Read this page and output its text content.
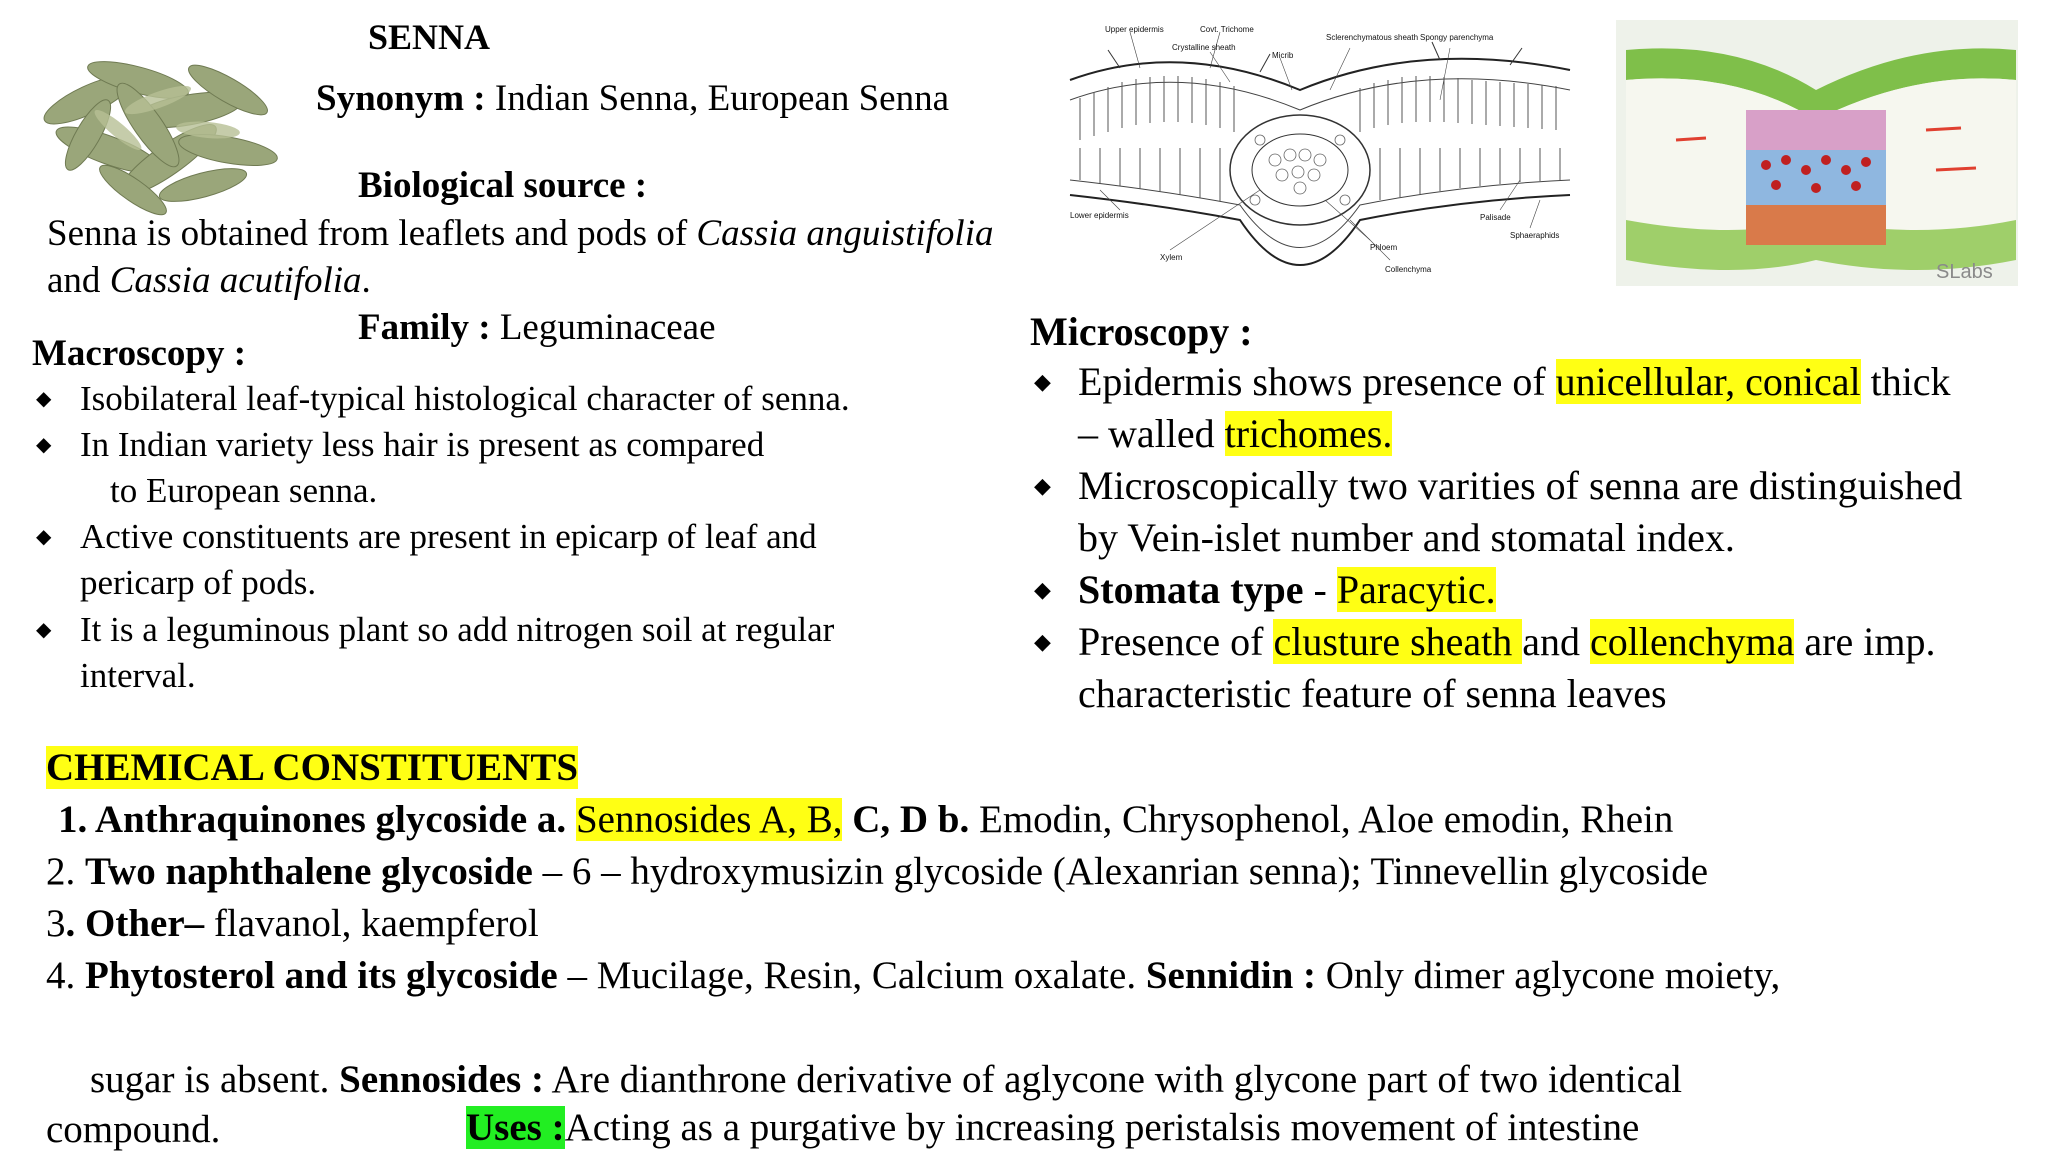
SENNA
Synonym : Indian Senna, European Senna
Biological source :
Senna is obtained from leaflets and pods of Cassia anguistifolia
and Cassia acutifolia.
Family : Leguminaceae
Macroscopy :
◆ Isobilateral leaf-typical histological character of senna.
◆ In Indian variety less hair is present as compared
to European senna.
◆ Active constituents are present in epicarp of leaf and
pericarp of pods.
◆ It is a leguminous plant so add nitrogen soil at regular
interval.
Upper epidermis	Covt. Trichome
Crystalline sheath
Micrib
Sclerenchymatous sheath Spongy parenchyma
Lower epidermis	Palisade
Sphaeraphids
Xylem
Phloem
Collenchyma	SLabs
Microscopy :
◆ Epidermis shows presence of unicellular, conical thick
– walled trichomes.
◆ Microscopically two varities of senna are distinguished
by Vein-islet number and stomatal index.
◆ Stomata type - Paracytic.
◆ Presence of clusture sheath and collenchyma are imp.
characteristic feature of senna leaves
CHEMICAL CONSTITUENTS
1. Anthraquinones glycoside a. Sennosides A, B, C, D b. Emodin, Chrysophenol, Aloe emodin, Rhein
2. Two naphthalene glycoside – 6 – hydroxymusizin glycoside (Alexanrian senna); Tinnevellin glycoside
3. Other– flavanol, kaempferol
4. Phytosterol and its glycoside – Mucilage, Resin, Calcium oxalate. Sennidin : Only dimer aglycone moiety,
sugar is absent. Sennosides : Are dianthrone derivative of aglycone with glycone part of two identical
compound.	Uses :Acting as a purgative by increasing peristalsis movement of intestine
